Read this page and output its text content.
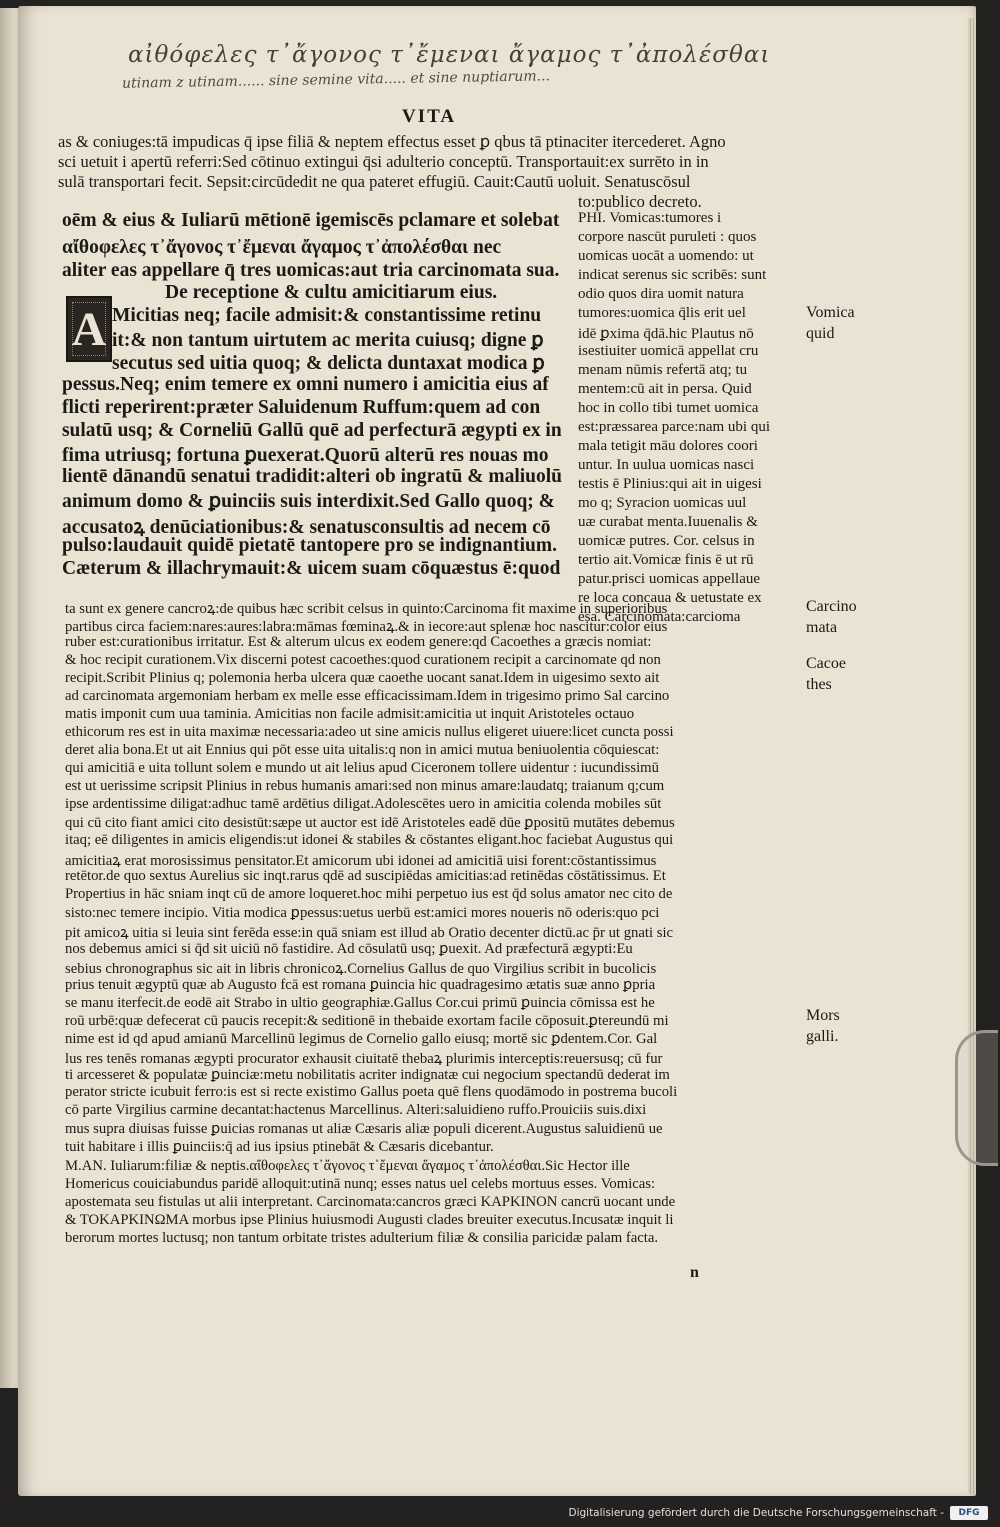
αἰθόφελες τ᾽ἄγονος τ᾽ἔμεναι ἄγαμος τ᾽ἀπολέσθαι
utinam z utinam...... sine semine vita..... et sine nuptiarum...
VITA
as & coniuges:tā impudicas q̄ ipse filiā & neptem effectus esset ꝑ qbus tā ptinaciter itercederet. Agno
sci uetuit i apertū referri:Sed cōtinuo extingui q̄si adulterio conceptū. Transportauit:ex surrēto in in
sulā transportari fecit. Sepsit:circūdedit ne qua pateret effugiū. Cauit:Cautū uoluit. Senatuscōsul
to:publico decreto.
A
oēm & eius & Iuliarū mētionē igemiscēs pclamare et solebat
αἴθοφελες τ᾽ἄγονος τ᾽ἔμεναι ἄγαμος τ᾽ἀπολέσθαι nec
aliter eas appellare q̄ tres uomicas:aut tria carcinomata sua.
De receptione & cultu amicitiarum eius.
Micitias neq; facile admisit:& constantissime retinu
it:& non tantum uirtutem ac merita cuiusq; digne ꝑ
secutus sed uitia quoq; & delicta duntaxat modica ꝑ
pessus.Neq; enim temere ex omni numero i amicitia eius af
flicti reperirent:præter Saluidenum Ruffum:quem ad con
sulatū usq; & Corneliū Gallū quē ad perfecturā ægypti ex in
fima utriusq; fortuna ꝑuexerat.Quorū alterū res nouas mo
lientē dānandū senatui tradidit:alteri ob ingratū & maliuolū
animum domo & ꝑuinciis suis interdixit.Sed Gallo quoq; &
accusatoꝝ denūciationibus:& senatusconsultis ad necem cō
pulso:laudauit quidē pietatē tantopere pro se indignantium.
Cæterum & illachrymauit:& uicem suam cōquæstus ē:quod
PHI. Vomicas:tumores i
corpore nascūt puruleti : quos
uomicas uocāt a uomendo: ut
indicat serenus sic scribēs: sunt
odio quos dira uomit natura
tumores:uomica q̄lis erit uel
idē ꝑxima q̄dā.hic Plautus nō
isestiuiter uomicā appellat cru
menam nūmis refertā atq; tu
mentem:cū ait in persa. Quid
hoc in collo tibi tumet uomica
est:præssarea parce:nam ubi qui
mala tetigit māu dolores coori
untur. In uulua uomicas nasci
testis ē Plinius:qui ait in uigesi
mo q; Syracion uomicas uul
uæ curabat menta.Iuuenalis &
uomicæ putres. Cor. celsus in
tertio ait.Vomicæ finis ē ut rū
patur.prisci uomicas appellaue
re loca concaua & uetustate ex
esa. Carcinomata:carcioma
ta sunt ex genere cancroꝝ:de quibus hæc scribit celsus in quinto:Carcinoma fit maxime in superioribus
partibus circa faciem:nares:aures:labra:māmas fœminaꝝ.& in iecore:aut splenæ hoc nascitur:color eius
ruber est:curationibus irritatur. Est & alterum ulcus ex eodem genere:qd Cacoethes a græcis nomiat:
& hoc recipit curationem.Vix discerni potest cacoethes:quod curationem recipit a carcinomate qd non
recipit.Scribit Plinius q; polemonia herba ulcera quæ caoethe uocant sanat.Idem in uigesimo sexto ait
ad carcinomata argemoniam herbam ex melle esse efficacissimam.Idem in trigesimo primo Sal carcino
matis imponit cum uua taminia. Amicitias non facile admisit:amicitia ut inquit Aristoteles octauo
ethicorum res est in uita maximæ necessaria:adeo ut sine amicis nullus eligeret uiuere:licet cuncta possi
deret alia bona.Et ut ait Ennius qui pōt esse uita uitalis:q non in amici mutua beniuolentia cōquiescat:
qui amicitiā e uita tollunt solem e mundo ut ait lelius apud Ciceronem tollere uidentur : iucundissimū
est ut uerissime scripsit Plinius in rebus humanis amari:sed non minus amare:laudatq; traianum q;cum
ipse ardentissime diligat:adhuc tamē ardētius diligat.Adolescētes uero in amicitia colenda mobiles sūt
qui cū cito fiant amici cito desistūt:sæpe ut auctor est idē Aristoteles eadē dūe ꝑpositū mutātes debemus
itaq; eē diligentes in amicis eligendis:ut idonei & stabiles & cōstantes eligant.hoc faciebat Augustus qui
amicitiaꝝ erat morosissimus pensitator.Et amicorum ubi idonei ad amicitiā uisi forent:cōstantissimus
retētor.de quo sextus Aurelius sic inqt.rarus qdē ad suscipiēdas amicitias:ad retinēdas cōstātissimus. Et
Propertius in hāc sniam inqt cū de amore loqueret.hoc mihi perpetuo ius est q̄d solus amator nec cito de
sisto:nec temere incipio. Vitia modica ꝑpessus:uetus uerbū est:amici mores noueris nō oderis:quo pci
pit amicoꝝ uitia si leuia sint ferēda esse:in quā sniam est illud ab Oratio decenter dictū.ac p̄r ut gnati sic
nos debemus amici si q̄d sit uiciū nō fastidire. Ad cōsulatū usq; ꝑuexit. Ad præfecturā ægypti:Eu
sebius chronographus sic ait in libris chronicoꝝ.Cornelius Gallus de quo Virgilius scribit in bucolicis
prius tenuit ægyptū quæ ab Augusto fcā est romana ꝑuincia hic quadragesimo ætatis suæ anno ꝑpria
se manu iterfecit.de eodē ait Strabo in ultio geographiæ.Gallus Cor.cui primū ꝑuincia cōmissa est he
roū urbē:quæ defecerat cū paucis recepit:& seditionē in thebaide exortam facile cōposuit.ꝑtereundū mi
nime est id qd apud amianū Marcellinū legimus de Cornelio gallo eiusq; mortē sic ꝑdentem.Cor. Gal
lus res tenēs romanas ægypti procurator exhausit ciuitatē thebaꝝ plurimis interceptis:reuersusq; cū fur
ti arcesseret & populatæ ꝑuinciæ:metu nobilitatis acriter indignatæ cui negocium spectandū dederat im
perator stricte icubuit ferro:is est si recte existimo Gallus poeta quē flens quodāmodo in postrema bucoli
cō parte Virgilius carmine decantat:hactenus Marcellinus. Alteri:saluidieno ruffo.Prouiciis suis.dixi
mus supra diuisas fuisse ꝑuicias romanas ut aliæ Cæsaris aliæ populi dicerent.Augustus saluidienū ue
tuit habitare i illis ꝑuinciis:q̄ ad ius ipsius ptinebāt & Cæsaris dicebantur.
M.AN. Iuliarum:filiæ & neptis.αἴθοφελες τ᾽ἄγονος τ᾽ἔμεναι ἄγαμος τ᾽ἀπολέσθαι.Sic Hector ille
Homericus couiciabundus paridē alloquit:utinā nunq; esses natus uel celebs mortuus esses. Vomicas:
apostemata seu fistulas ut alii interpretant. Carcinomata:cancros græci ΚΑΡΚΙΝΟΝ cancrū uocant unde
& ΤΟΚΑΡΚΙΝΩΜΑ morbus ipse Plinius huiusmodi Augusti clades breuiter executus.Incusatæ inquit li
berorum mortes luctusq; non tantum orbitate tristes adulterium filiæ & consilia paricidæ palam facta.
Vomica
quid
Carcino
mata
Cacoe
thes
Mors
galli.
n
Digitalisierung gefördert durch die Deutsche Forschungsgemeinschaft -	DFG
